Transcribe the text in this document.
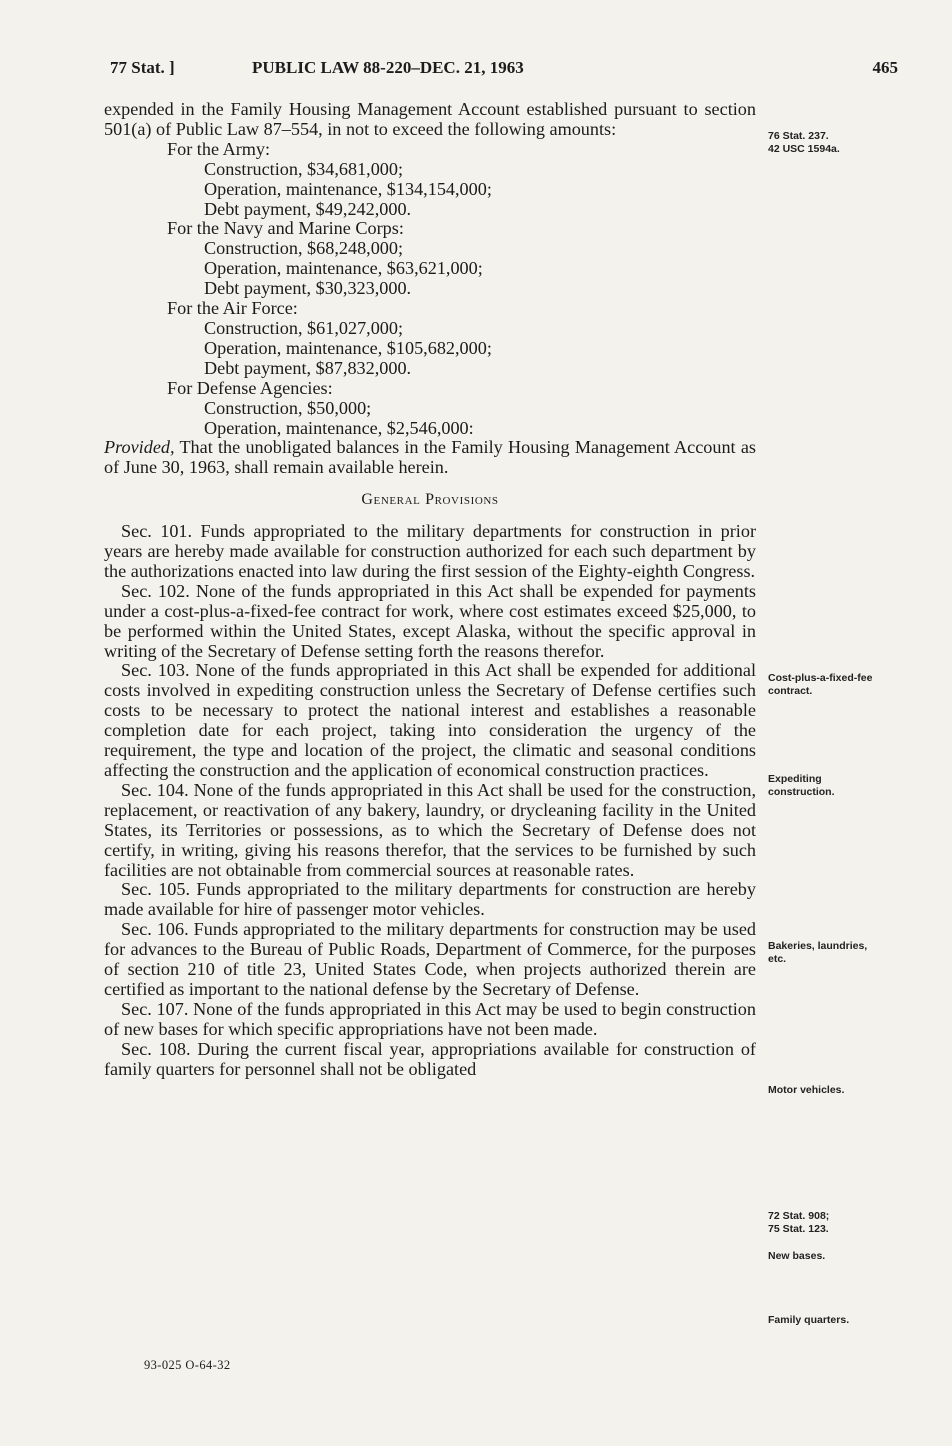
77 Stat. ]	PUBLIC LAW 88-220–DEC. 21, 1963	465

expended in the Family Housing Management Account established pursuant to section 501(a) of Public Law 87–554, in not to exceed the following amounts:

For the Army:

Construction, $34,681,000;

Operation, maintenance, $134,154,000;

Debt payment, $49,242,000.

For the Navy and Marine Corps:

Construction, $68,248,000;

Operation, maintenance, $63,621,000;

Debt payment, $30,323,000.

For the Air Force:

Construction, $61,027,000;

Operation, maintenance, $105,682,000;

Debt payment, $87,832,000.

For Defense Agencies:

Construction, $50,000;

Operation, maintenance, $2,546,000:

Provided, That the unobligated balances in the Family Housing Management Account as of June 30, 1963, shall remain available herein.

General Provisions

Sec. 101. Funds appropriated to the military departments for construction in prior years are hereby made available for construction authorized for each such department by the authorizations enacted into law during the first session of the Eighty-eighth Congress.

Sec. 102. None of the funds appropriated in this Act shall be expended for payments under a cost-plus-a-fixed-fee contract for work, where cost estimates exceed $25,000, to be performed within the United States, except Alaska, without the specific approval in writing of the Secretary of Defense setting forth the reasons therefor.

Sec. 103. None of the funds appropriated in this Act shall be expended for additional costs involved in expediting construction unless the Secretary of Defense certifies such costs to be necessary to protect the national interest and establishes a reasonable completion date for each project, taking into consideration the urgency of the requirement, the type and location of the project, the climatic and seasonal conditions affecting the construction and the application of economical construction practices.

Sec. 104. None of the funds appropriated in this Act shall be used for the construction, replacement, or reactivation of any bakery, laundry, or drycleaning facility in the United States, its Territories or possessions, as to which the Secretary of Defense does not certify, in writing, giving his reasons therefor, that the services to be furnished by such facilities are not obtainable from commercial sources at reasonable rates.

Sec. 105. Funds appropriated to the military departments for construction are hereby made available for hire of passenger motor vehicles.

Sec. 106. Funds appropriated to the military departments for construction may be used for advances to the Bureau of Public Roads, Department of Commerce, for the purposes of section 210 of title 23, United States Code, when projects authorized therein are certified as important to the national defense by the Secretary of Defense.

Sec. 107. None of the funds appropriated in this Act may be used to begin construction of new bases for which specific appropriations have not been made.

Sec. 108. During the current fiscal year, appropriations available for construction of family quarters for personnel shall not be obligated

76 Stat. 237.
42 USC 1594a.
Cost-plus-a-fixed-fee contract.
Expediting construction.
Bakeries, laundries, etc.
Motor vehicles.
72 Stat. 908;
75 Stat. 123.
New bases.
Family quarters.
93-025 O-64-32
